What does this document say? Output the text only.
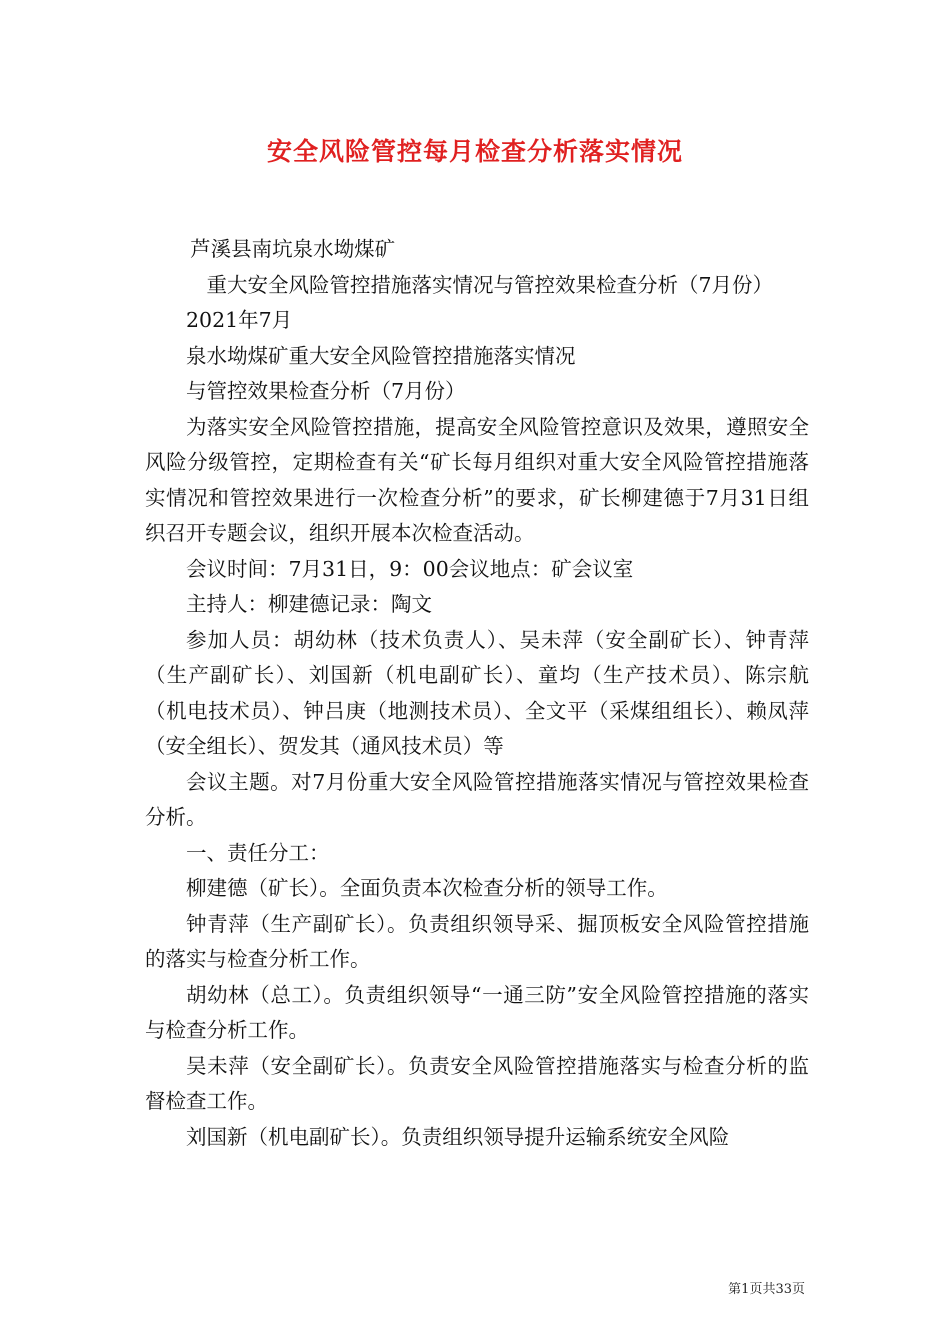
安全风险管控每月检查分析落实情况

芦溪县南坑泉水坳煤矿

重大安全风险管控措施落实情况与管控效果检查分析（7月份）

2021年7月

泉水坳煤矿重大安全风险管控措施落实情况

与管控效果检查分析（7月份）

为落实安全风险管控措施，提高安全风险管控意识及效果，遵照安全风险分级管控，定期检查有关“矿长每月组织对重大安全风险管控措施落实情况和管控效果进行一次检查分析”的要求，矿长柳建德于7月31日组织召开专题会议，组织开展本次检查活动。

会议时间：7月31日，9：00会议地点：矿会议室

主持人：柳建德记录：陶文

参加人员：胡幼林（技术负责人）、吴未萍（安全副矿长）、钟青萍（生产副矿长）、刘国新（机电副矿长）、童均（生产技术员）、陈宗航（机电技术员）、钟吕庚（地测技术员）、全文平（采煤组组长）、赖凤萍（安全组长）、贺发其（通风技术员）等

会议主题。对7月份重大安全风险管控措施落实情况与管控效果检查分析。

一、责任分工：

柳建德（矿长）。全面负责本次检查分析的领导工作。

钟青萍（生产副矿长）。负责组织领导采、掘顶板安全风险管控措施的落实与检查分析工作。

胡幼林（总工）。负责组织领导“一通三防”安全风险管控措施的落实与检查分析工作。

吴未萍（安全副矿长）。负责安全风险管控措施落实与检查分析的监督检查工作。

刘国新（机电副矿长）。负责组织领导提升运输系统安全风险

第1页共33页
